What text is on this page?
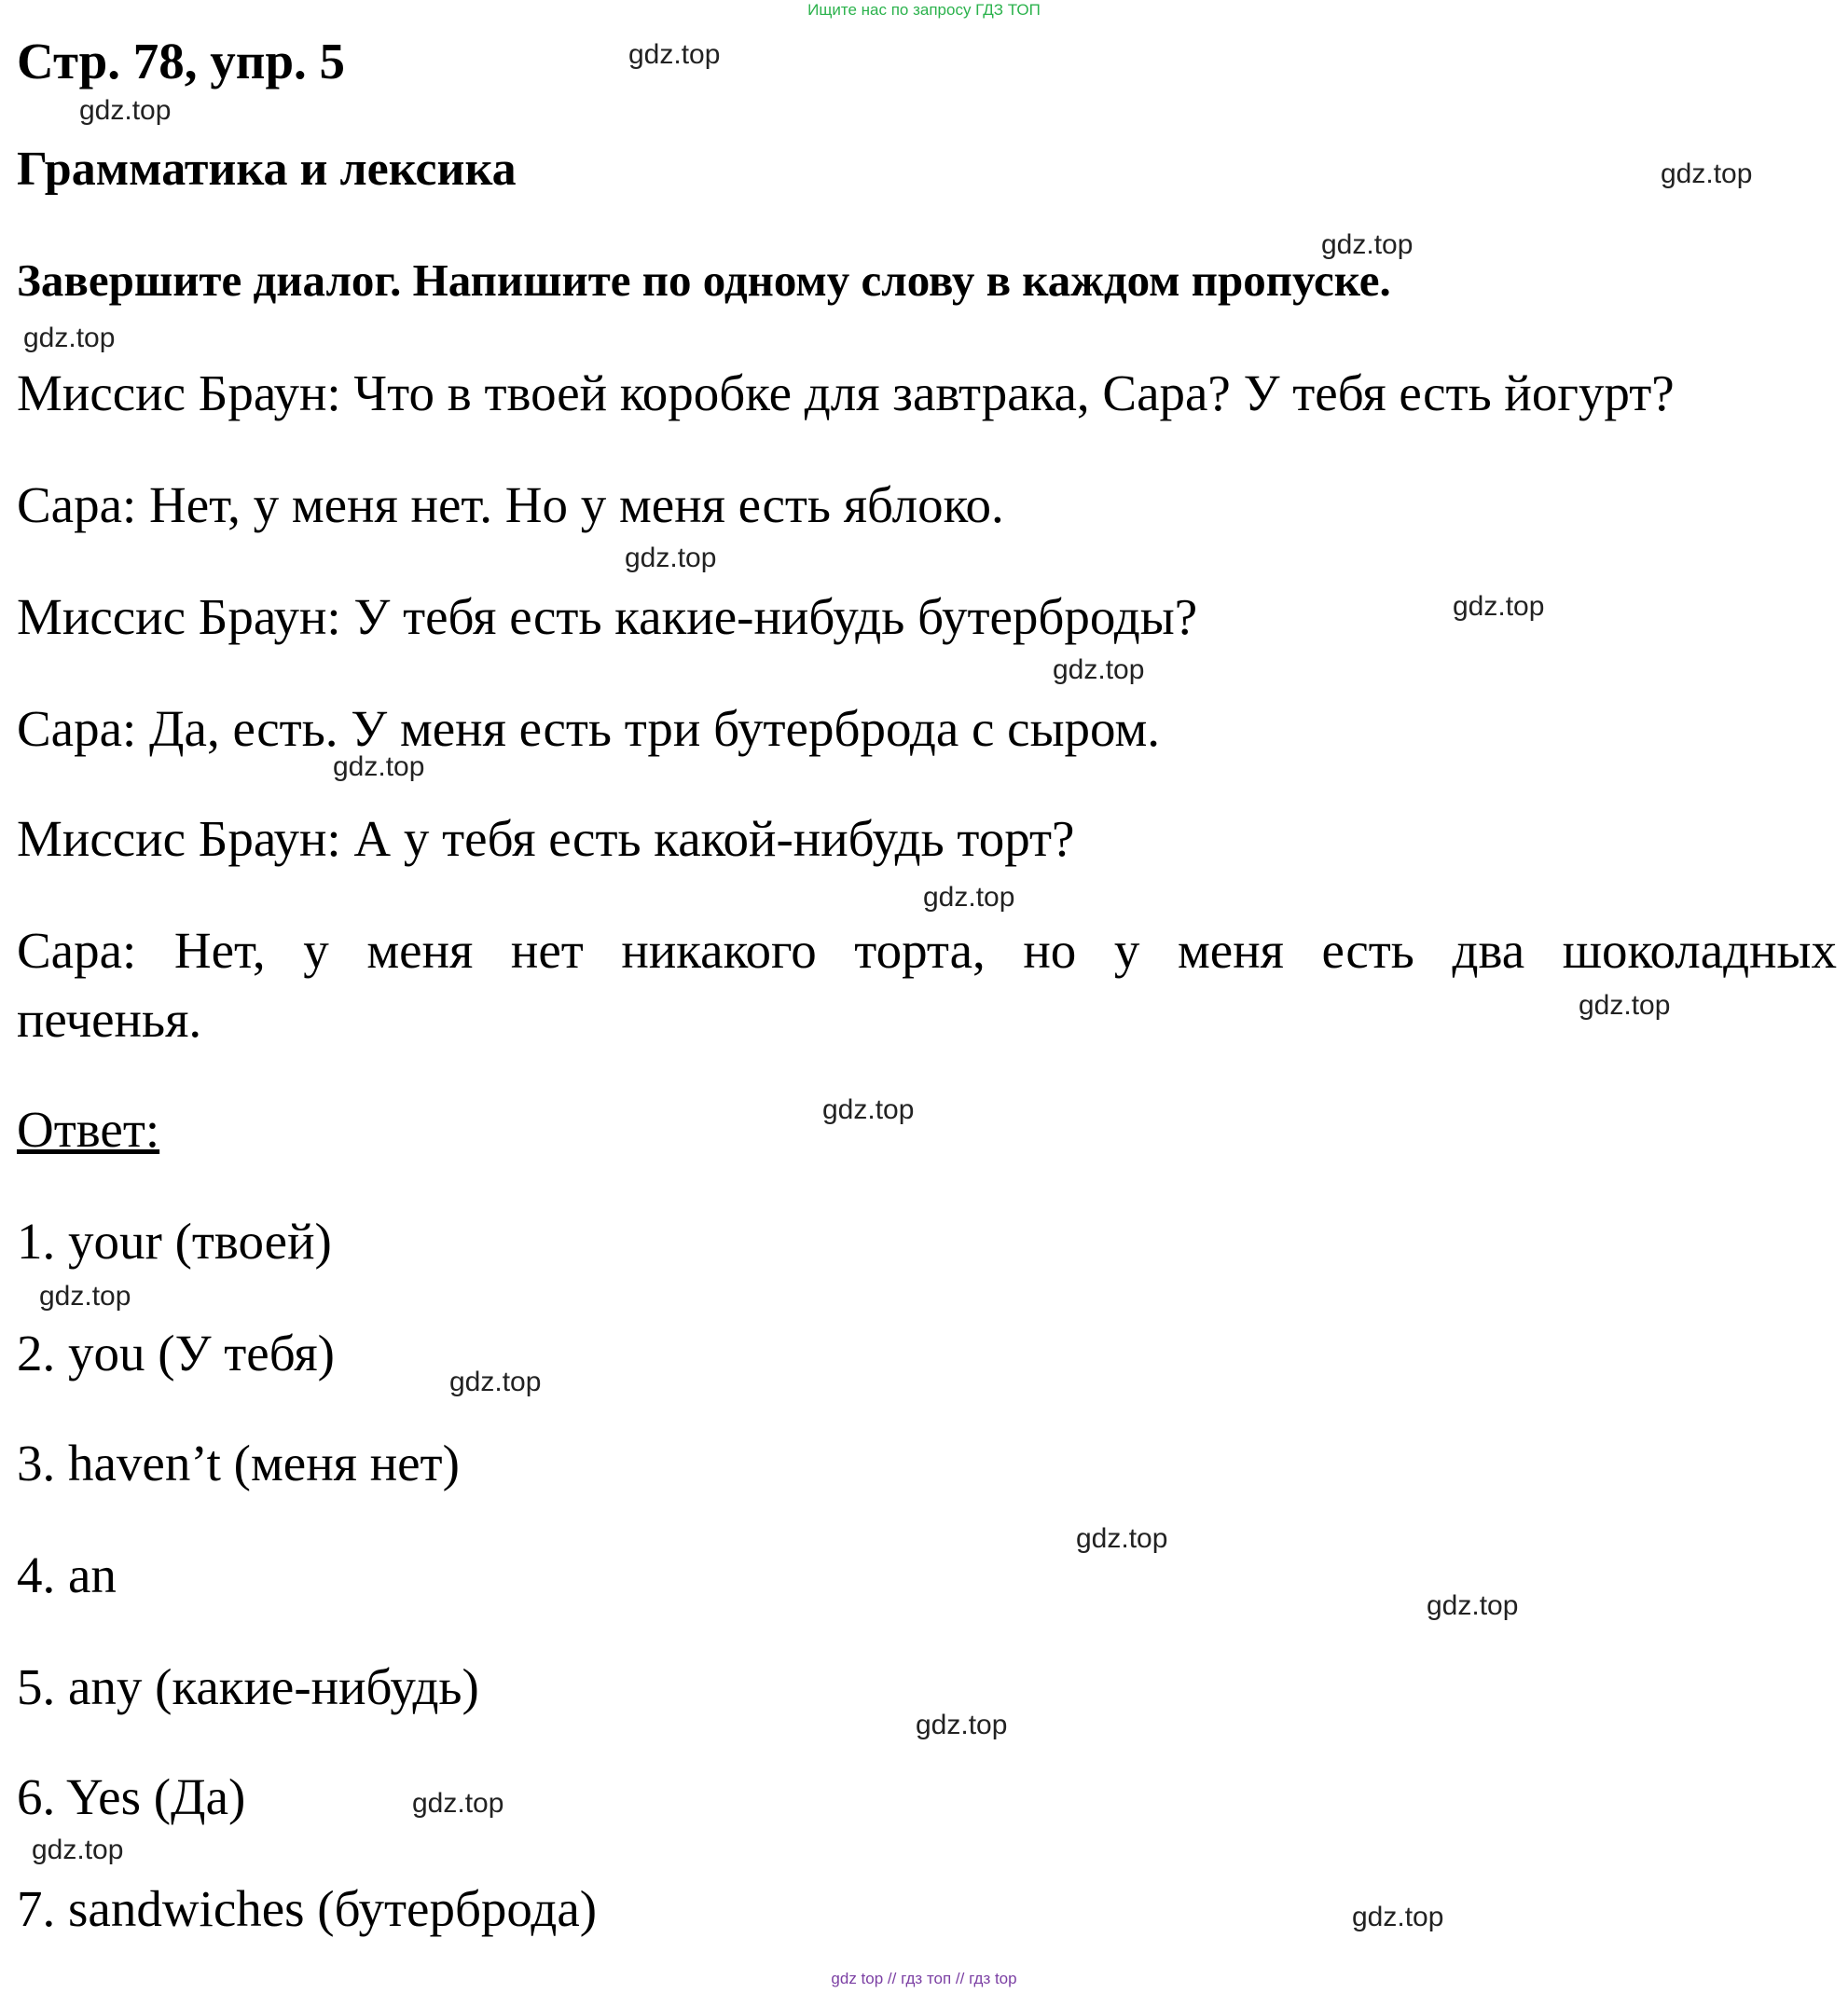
Ищите нас по запросу ГДЗ ТОП
Стр. 78, упр. 5
Грамматика и лексика
Завершите диалог. Напишите по одному слову в каждом пропуске.
Миссис Браун: Что в твоей коробке для завтрака, Сара? У тебя есть йогурт?
Сара: Нет, у меня нет. Но у меня есть яблоко.
Миссис Браун: У тебя есть какие-нибудь бутерброды?
Сара: Да, есть. У меня есть три бутерброда с сыром.
Миссис Браун: А у тебя есть какой-нибудь торт?
Сара: Нет, у меня нет никакого торта, но у меня есть два шоколадных
печенья.
Ответ:
1. your (твоей)
2. you (У тебя)
3. haven’t (меня нет)
4. an
5. any (какие-нибудь)
6. Yes (Да)
7. sandwiches (бутерброда)
gdz.top
gdz.top
gdz.top
gdz.top
gdz.top
gdz.top
gdz.top
gdz.top
gdz.top
gdz.top
gdz.top
gdz.top
gdz.top
gdz.top
gdz.top
gdz.top
gdz.top
gdz.top
gdz.top
gdz.top
gdz top // гдз топ // гдз top
